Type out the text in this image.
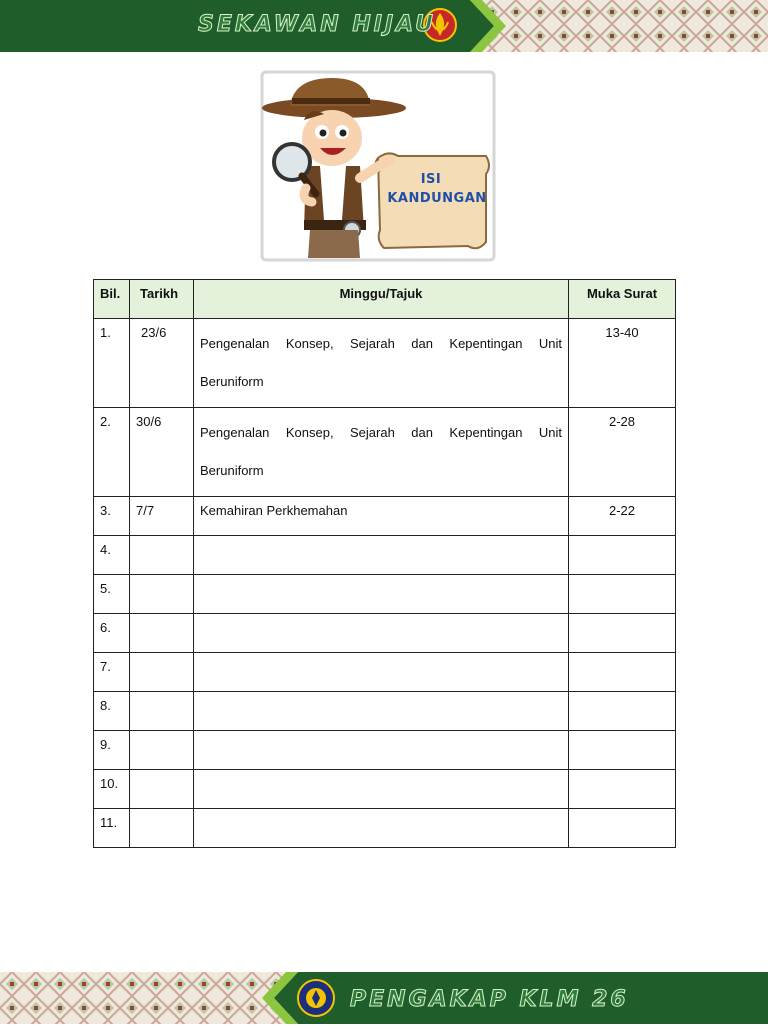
SEKAWAN HIJAU
ISI
KANDUNGAN
Bil.	Tarikh	Minggu/Tajuk	Muka Surat
1.	23/6	Pengenalan Konsep, Sejarah dan Kepentingan Unit Beruniform	13-40
2.	30/6	Pengenalan Konsep, Sejarah dan Kepentingan Unit Beruniform	2-28
3.	7/7	Kemahiran Perkhemahan	2-22
4.			
5.			
6.			
7.			
8.			
9.			
10.			
11.			
PENGAKAP KLM 26
